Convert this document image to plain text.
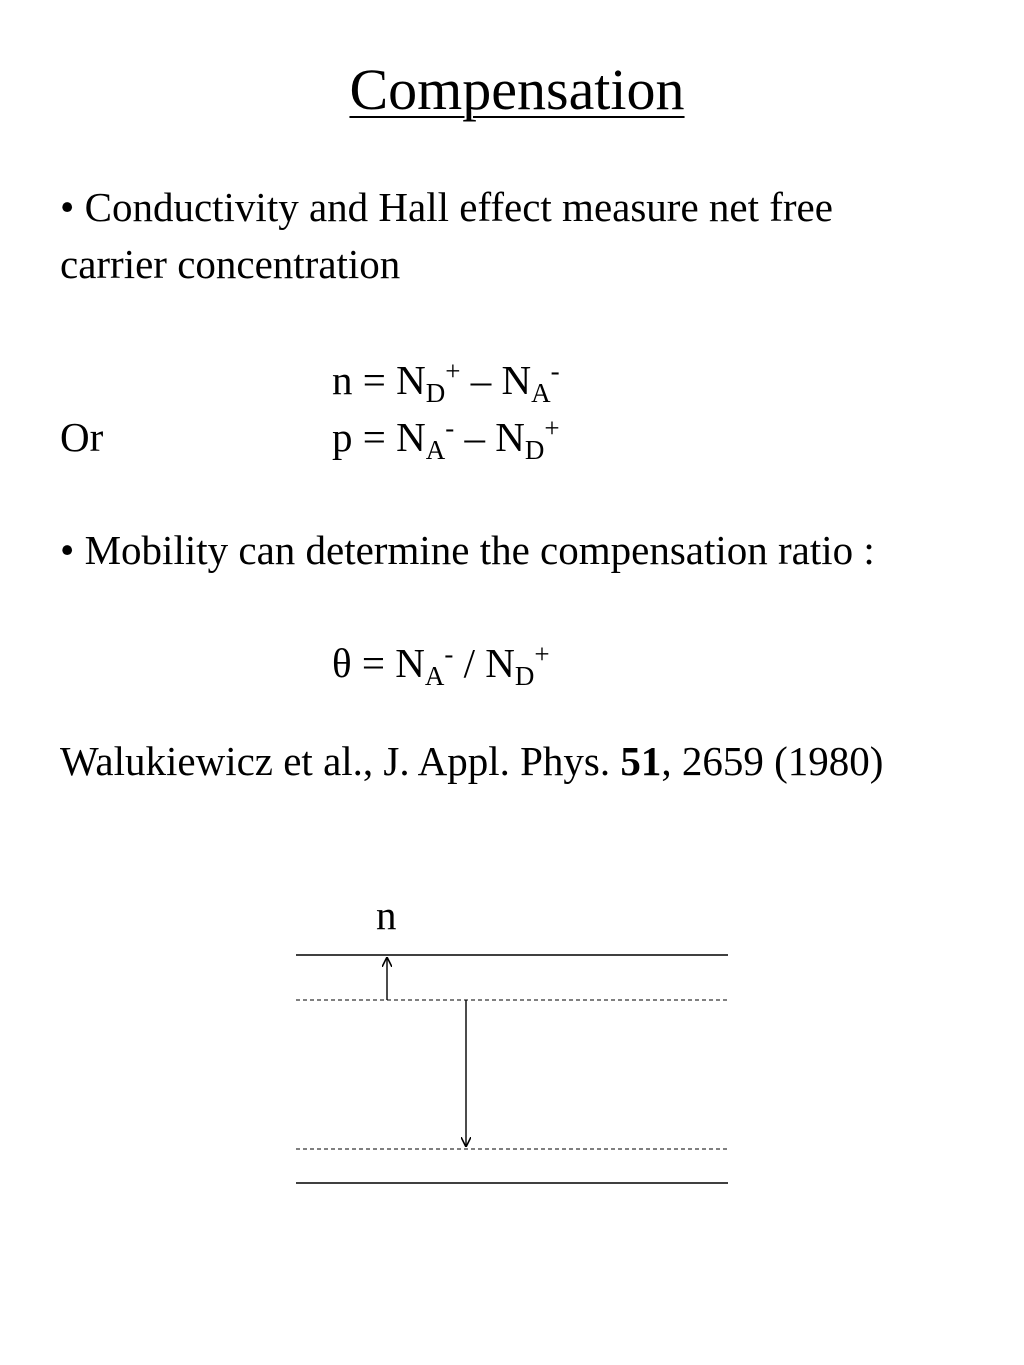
Compensation
• Conductivity and Hall effect measure net free
carrier concentration
$n = N_D^+ - N_A^-$
Or	$p = N_A^- - N_D^+$
• Mobility can determine the compensation ratio :
$\theta = N_A^- / N_D^+$
Walukiewicz et al., J. Appl. Phys. 51, 2659 (1980)
n
